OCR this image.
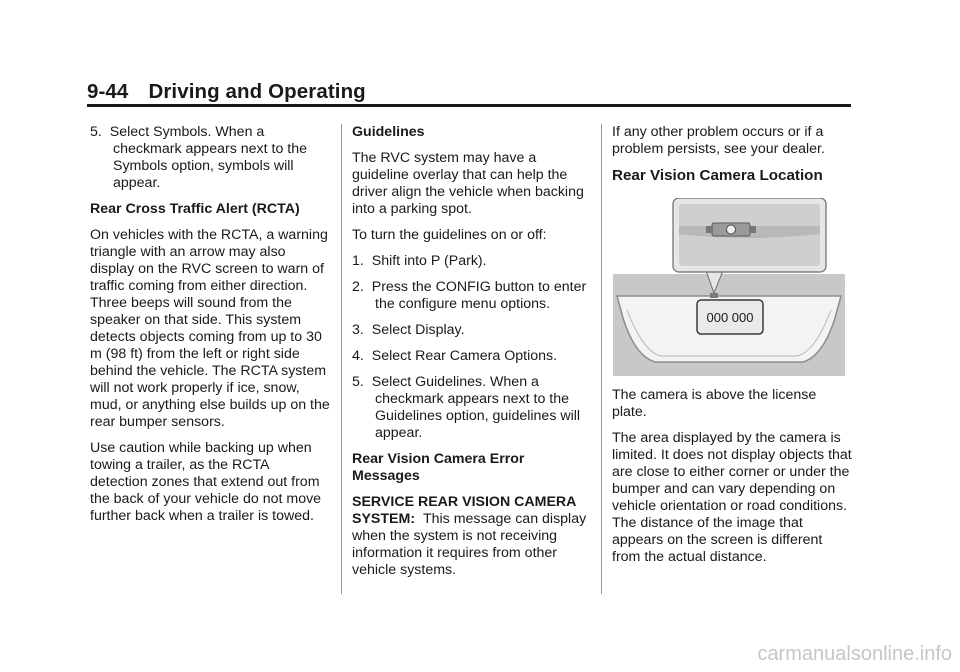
9-44 Driving and Operating
5. Select Symbols. When a checkmark appears next to the Symbols option, symbols will appear.

Rear Cross Traffic Alert (RCTA)

On vehicles with the RCTA, a warning triangle with an arrow may also display on the RVC screen to warn of traffic coming from either direction. Three beeps will sound from the speaker on that side. This system detects objects coming from up to 30 m (98 ft) from the left or right side behind the vehicle. The RCTA system will not work properly if ice, snow, mud, or anything else builds up on the rear bumper sensors.

Use caution while backing up when towing a trailer, as the RCTA detection zones that extend out from the back of your vehicle do not move further back when a trailer is towed.

Guidelines

The RVC system may have a guideline overlay that can help the driver align the vehicle when backing into a parking spot.

To turn the guidelines on or off:

1. Shift into P (Park).
2. Press the CONFIG button to enter the configure menu options.
3. Select Display.
4. Select Rear Camera Options.
5. Select Guidelines. When a checkmark appears next to the Guidelines option, guidelines will appear.

Rear Vision Camera Error Messages

SERVICE REAR VISION CAMERA SYSTEM: This message can display when the system is not receiving information it requires from other vehicle systems.

If any other problem occurs or if a problem persists, see your dealer.

Rear Vision Camera Location
000 000

The camera is above the license plate.

The area displayed by the camera is limited. It does not display objects that are close to either corner or under the bumper and can vary depending on vehicle orientation or road conditions. The distance of the image that appears on the screen is different from the actual distance.

carmanualsonline.info
